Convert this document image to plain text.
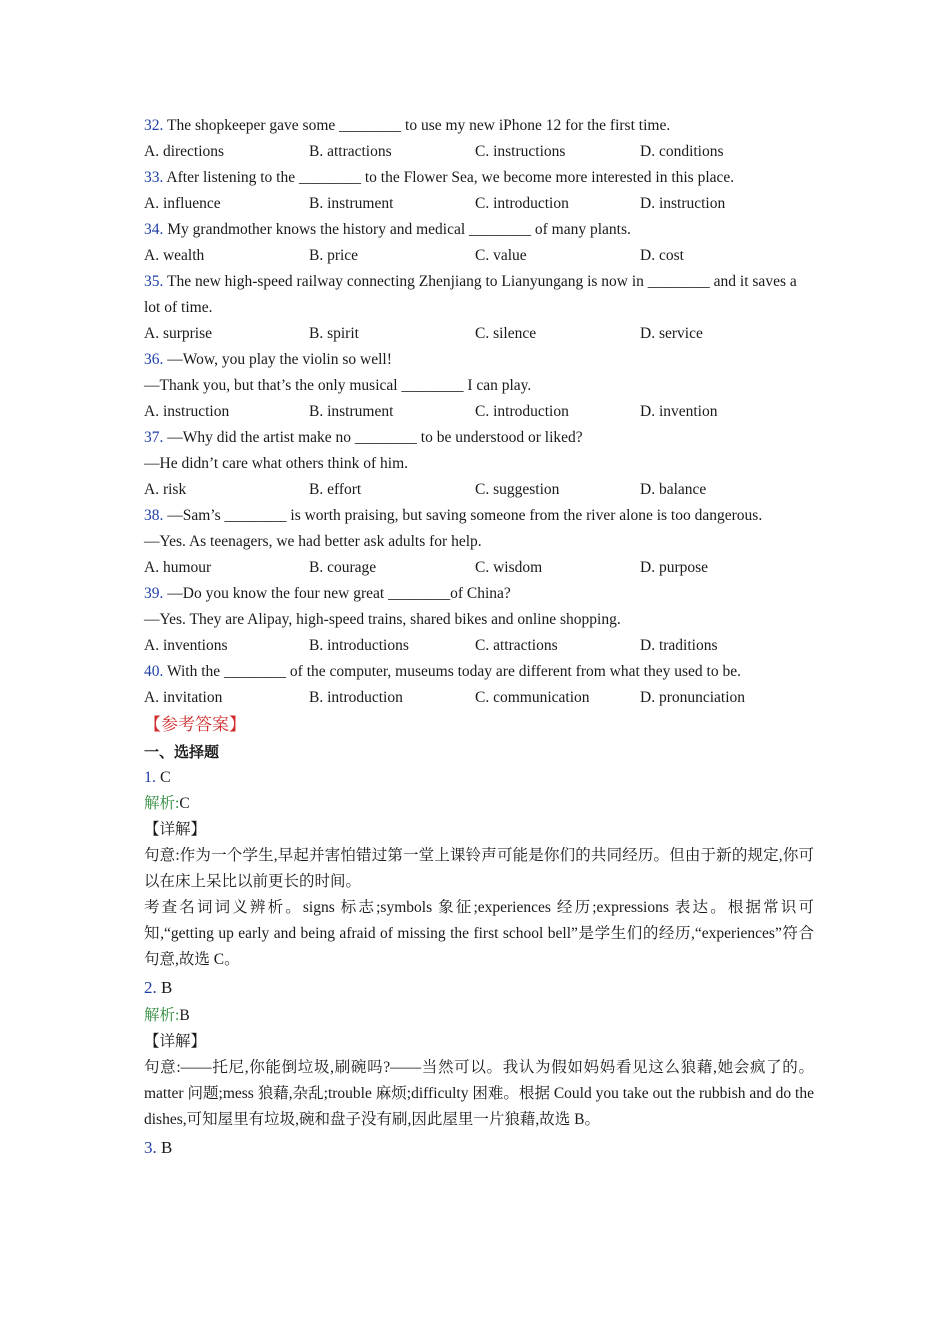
32. The shopkeeper gave some ________ to use my new iPhone 12 for the first time.
A. directions	B. attractions	C. instructions	D. conditions
33. After listening to the ________ to the Flower Sea, we become more interested in this place.
A. influence	B. instrument	C. introduction	D. instruction
34. My grandmother knows the history and medical ________ of many plants.
A. wealth	B. price	C. value	D. cost
35. The new high-speed railway connecting Zhenjiang to Lianyungang is now in ________ and it saves a lot of time.
A. surprise	B. spirit	C. silence	D. service
36. —Wow, you play the violin so well!
—Thank you, but that’s the only musical ________ I can play.
A. instruction	B. instrument	C. introduction	D. invention
37. —Why did the artist make no ________ to be understood or liked?
—He didn’t care what others think of him.
A. risk	B. effort	C. suggestion	D. balance
38. —Sam’s ________ is worth praising, but saving someone from the river alone is too dangerous.
—Yes. As teenagers, we had better ask adults for help.
A. humour	B. courage	C. wisdom	D. purpose
39. —Do you know the four new great ________of China?
—Yes. They are Alipay, high-speed trains, shared bikes and online shopping.
A. inventions	B. introductions	C. attractions	D. traditions
40. With the ________ of the computer, museums today are different from what they used to be.
A. invitation	B. introduction	C. communication	D. pronunciation
【参考答案】
一、选择题
1. C
解析:C
【详解】
句意:作为一个学生,早起并害怕错过第一堂上课铃声可能是你们的共同经历。但由于新的规定,你可以在床上呆比以前更长的时间。
考查名词词义辨析。signs 标志;symbols 象征;experiences 经历;expressions 表达。根据常识可知,“getting up early and being afraid of missing the first school bell”是学生们的经历,“experiences”符合句意,故选 C。
2. B
解析:B
【详解】
句意:——托尼,你能倒垃圾,刷碗吗?——当然可以。我认为假如妈妈看见这么狼藉,她会疯了的。matter 问题;mess 狼藉,杂乱;trouble 麻烦;difficulty 困难。根据 Could you take out the rubbish and do the dishes,可知屋里有垃圾,碗和盘子没有刷,因此屋里一片狼藉,故选 B。
3. B
